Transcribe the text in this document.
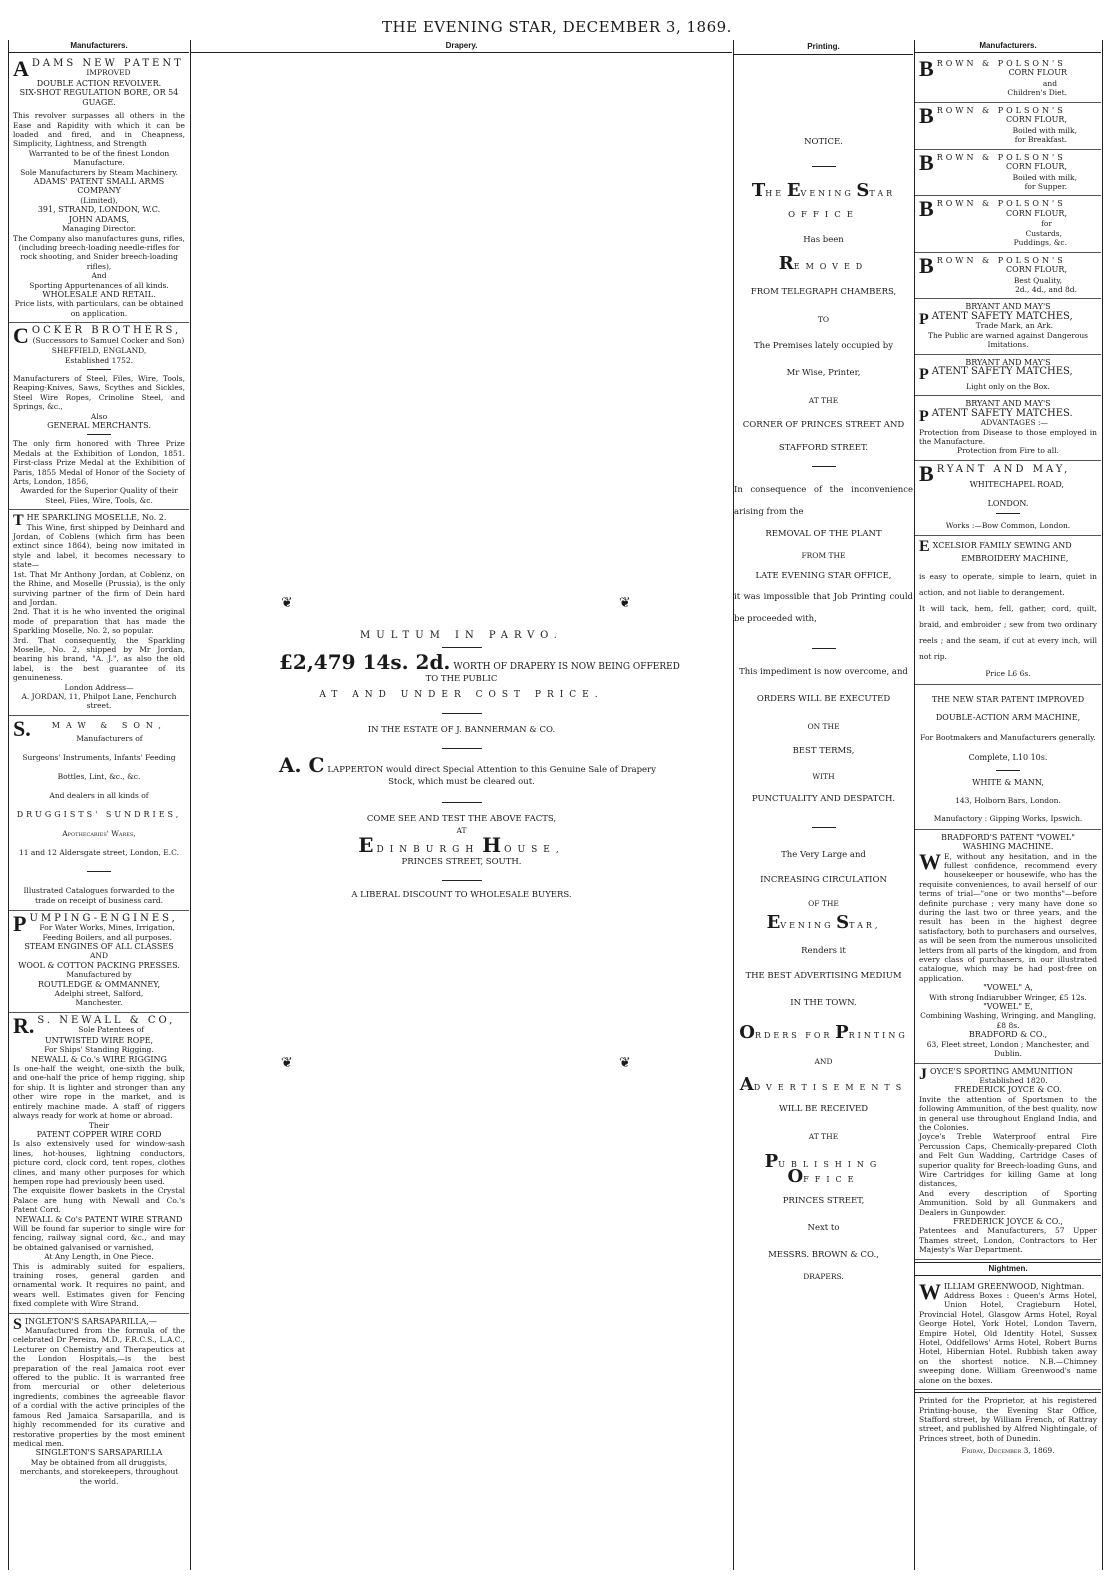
THE EVENING STAR, DECEMBER 3, 1869.
Manufacturers.
A DAMS NEW PATENT
IMPROVED
DOUBLE ACTION REVOLVER.
SIX-SHOT REGULATION BORE, OR 54
GUAGE.
This revolver surpasses all others in the Ease and Rapidity with which it can be loaded and fired, and in Cheapness, Simplicity, Lightness, and Strength
Warranted to be of the finest London Manufacture.
Sole Manufacturers by Steam Machinery.
ADAMS' PATENT SMALL ARMS COMPANY
(Limited),
391, STRAND, LONDON, W.C.
JOHN ADAMS,
Managing Director.
The Company also manufactures guns, rifles, (including breech-loading needle-rifles for rock shooting, and Snider breech-loading rifles),
And
Sporting Appurtenances of all kinds.
WHOLESALE AND RETAIL.
Price lists, with particulars, can be obtained on application.
C OCKER BROTHERS,
(Successors to Samuel Cocker and Son)
SHEFFIELD, ENGLAND,
Established 1752.
Manufacturers of Steel, Files, Wire, Tools, Reaping-Knives, Saws, Scythes and Sickles, Steel Wire Ropes, Crinoline Steel, and Springs, &c.,
Also
GENERAL MERCHANTS.
The only firm honored with Three Prize Medals at the Exhibition of London, 1851. First-class Prize Medal at the Exhibition of Paris, 1855 Medal of Honor of the Society of Arts, London, 1856,
Awarded for the Superior Quality of their
Steel, Files, Wire, Tools, &c.
T HE SPARKLING MOSELLE, No. 2.
This Wine, first shipped by Deinhard and Jordan, of Coblens (which firm has been extinct since 1864), being now imitated in style and label, it becomes necessary to state—
1st. That Mr Anthony Jordan, at Coblenz, on the Rhine, and Moselle (Prussia), is the only surviving partner of the firm of Dein hard and Jordan.
2nd. That it is he who invented the original mode of preparation that has made the Sparkling Moselle, No. 2, so popular.
3rd. That consequently, the Sparkling Moselle, No. 2, shipped by Mr Jordan, bearing his brand, "A. J.", as also the old label, is the best guarantee of its genuineness.
London Address—
A. JORDAN, 11, Philpot Lane, Fenchurch street.
S.	MAW & SON,
Manufacturers of
Surgeons' Instruments, Infants' Feeding
Bottles, Lint, &c., &c.
And dealers in all kinds of
DRUGGISTS' SUNDRIES,
Apothecaries' Wares,
11 and 12 Aldersgate street, London, E.C.
Illustrated Catalogues forwarded to the trade on receipt of business card.
P UMPING-ENGINES,
For Water Works, Mines, Irrigation, Feeding Boilers, and all purposes.
STEAM ENGINES OF ALL CLASSES
AND
WOOL & COTTON PACKING PRESSES.
Manufactured by
ROUTLEDGE & OMMANNEY,
Adelphi street, Salford,
Manchester.
R. S. NEWALL & CO,
Sole Patentees of
UNTWISTED WIRE ROPE,
For Ships' Standing Rigging.
NEWALL & Co.'s WIRE RIGGING
Is one-half the weight, one-sixth the bulk, and one-half the price of hemp rigging, ship for ship. It is lighter and stronger than any other wire rope in the market, and is entirely machine made. A staff of riggers always ready for work at home or abroad.
Their
PATENT COPPER WIRE CORD
Is also extensively used for window-sash lines, hot-houses, lightning conductors, picture cord, clock cord, tent ropes, clothes clines, and many other purposes for which hempen rope had previously been used.
The exquisite flower baskets in the Crystal Palace are hung with Newall and Co.'s Patent Cord.
NEWALL & Co's PATENT WIRE STRAND
Will be found far superior to single wire for fencing, railway signal cord, &c., and may be obtained galvanised or varnished,
At Any Length, in One Piece.
This is admirably suited for espaliers, training roses, general garden and ornamental work. It requires no paint, and wears well. Estimates given for Fencing fixed complete with Wire Strand.
S INGLETON'S SARSAPARILLA,—
Manufactured from the formula of the celebrated Dr Pereira, M.D., F.R.C.S., L.A.C., Lecturer on Chemistry and Therapeutics at the London Hospitals,—is the best preparation of the real Jamaica root ever offered to the public. It is warranted free from mercurial or other deleterious ingredients, combines the agreeable flavor of a cordial with the active principles of the famous Red Jamaica Sarsaparilla, and is highly recommended for its curative and restorative properties by the most eminent medical men.
SINGLETON'S SARSAPARILLA
May be obtained from all druggists, merchants, and storekeepers, throughout the world.
Drapery.
❦	❦
❦	❦
MULTUM IN PARVO.
£2,479 14s. 2d. WORTH OF DRAPERY IS NOW BEING OFFERED
TO THE PUBLIC
AT AND UNDER COST PRICE.
IN THE ESTATE OF J. BANNERMAN & CO.
A. C LAPPERTON would direct Special Attention to this Genuine Sale of Drapery
Stock, which must be cleared out.
COME SEE AND TEST THE ABOVE FACTS,
AT
E DINBURGH H OUSE,
PRINCES STREET, SOUTH.
A LIBERAL DISCOUNT TO WHOLESALE BUYERS.
Printing.
NOTICE.
THE EVENING STAR
OFFICE
Has been
REMOVED
FROM TELEGRAPH CHAMBERS,
TO
The Premises lately occupied by
Mr Wise, Printer,
AT THE
CORNER OF PRINCES STREET AND
STAFFORD STREET.
In consequence of the inconvenience arising from the
REMOVAL OF THE PLANT
FROM THE
LATE EVENING STAR OFFICE,
it was impossible that Job Printing could be proceeded with,
This impediment is now overcome, and
ORDERS WILL BE EXECUTED
ON THE
BEST TERMS,
WITH
PUNCTUALITY AND DESPATCH.
The Very Large and
INCREASING CIRCULATION
OF THE
EVENING STAR,
Renders it
THE BEST ADVERTISING MEDIUM
IN THE TOWN.
ORDERS FOR PRINTING
AND
ADVERTISEMENTS
WILL BE RECEIVED
AT THE
PUBLISHING OFFICE
PRINCES STREET,
Next to
MESSRS. BROWN & CO.,
DRAPERS.
Manufacturers.
B ROWN & POLSON'S
CORN FLOUR
and
Children's Diet.
B ROWN & POLSON'S
CORN FLOUR,
Boiled with milk,
for Breakfast.
B ROWN & POLSON'S
CORN FLOUR,
Boiled with milk,
for Supper.
B ROWN & POLSON'S
CORN FLOUR,
for
Custards,
Puddings, &c.
B ROWN & POLSON'S
CORN FLOUR,
Best Quality,
2d., 4d., and 8d.
BRYANT AND MAY'S
P ATENT SAFETY MATCHES,
Trade Mark, an Ark.
The Public are warned against Dangerous Imitations.
BRYANT AND MAY'S
P ATENT SAFETY MATCHES,
Light only on the Box.
BRYANT AND MAY'S
P ATENT SAFETY MATCHES.
ADVANTAGES :—
Protection from Disease to those employed in the Manufacture.
Protection from Fire to all.
B RYANT AND MAY,
WHITECHAPEL ROAD,
LONDON.
Works :—Bow Common, London.
E XCELSIOR FAMILY SEWING AND
EMBROIDERY MACHINE,
is easy to operate, simple to learn, quiet in action, and not liable to derangement.
It will tack, hem, fell, gather, cord, quilt, braid, and embroider ; sew from two ordinary reels ; and the seam, if cut at every inch, will not rip.
Price L6 6s.
THE NEW STAR PATENT IMPROVED
DOUBLE-ACTION ARM MACHINE,
For Bootmakers and Manufacturers generally.
Complete, L10 10s.
WHITE & MANN,
143, Holborn Bars, London.
Manufactory : Gipping Works, Ipswich.
BRADFORD'S PATENT "VOWEL"
WASHING MACHINE.
W E, without any hesitation, and in the fullest confidence, recommend every housekeeper or housewife, who has the requisite conveniences, to avail herself of our terms of trial—"one or two months"—before definite purchase ; very many have done so during the last two or three years, and the result has been in the highest degree satisfactory, both to purchasers and ourselves, as will be seen from the numerous unsolicited letters from all parts of the kingdom, and from every class of purchasers, in our illustrated catalogue, which may be had post-free on application.
"VOWEL" A,
With strong Indiarubber Wringer, £5 12s.
"VOWEL" E,
Combining Washing, Wringing, and Mangling, £8 8s.
BRADFORD & CO.,
63, Fleet street, London ; Manchester, and Dublin.
J OYCE'S SPORTING AMMUNITION
Established 1820.
FREDERICK JOYCE & CO.
Invite the attention of Sportsmen to the following Ammunition, of the best quality, now in general use throughout England India, and the Colonies.
Joyce's Treble Waterproof entral Fire Percussion Caps, Chemically-prepared Cloth and Felt Gun Wadding, Cartridge Cases of superior quality for Breech-loading Guns, and Wire Cartridges for killing Game at long distances,
And every description of Sporting Ammunition. Sold by all Gunmakers and Dealers in Gunpowder.
FREDERICK JOYCE & CO.,
Patentees and Manufacturers, 57 Upper Thames street, London, Contractors to Her Majesty's War Department.
Nightmen.
W ILLIAM GREENWOOD, Nightman.
Address Boxes : Queen's Arms Hotel, Union Hotel, Cragieburn Hotel, Provincial Hotel, Glasgow Arms Hotel, Royal George Hotel, York Hotel, London Tavern, Empire Hotel, Old Identity Hotel, Sussex Hotel, Oddfellows' Arms Hotel, Robert Burns Hotel, Hibernian Hotel. Rubbish taken away on the shortest notice. N.B.—Chimney sweeping done. William Greenwood's name alone on the boxes.
Printed for the Proprietor, at his registered Printing-house, the Evening Star Office, Stafford street, by William French, of Rattray street, and published by Alfred Nightingale, of Princes street, both of Dunedin.
Friday, December 3, 1869.
